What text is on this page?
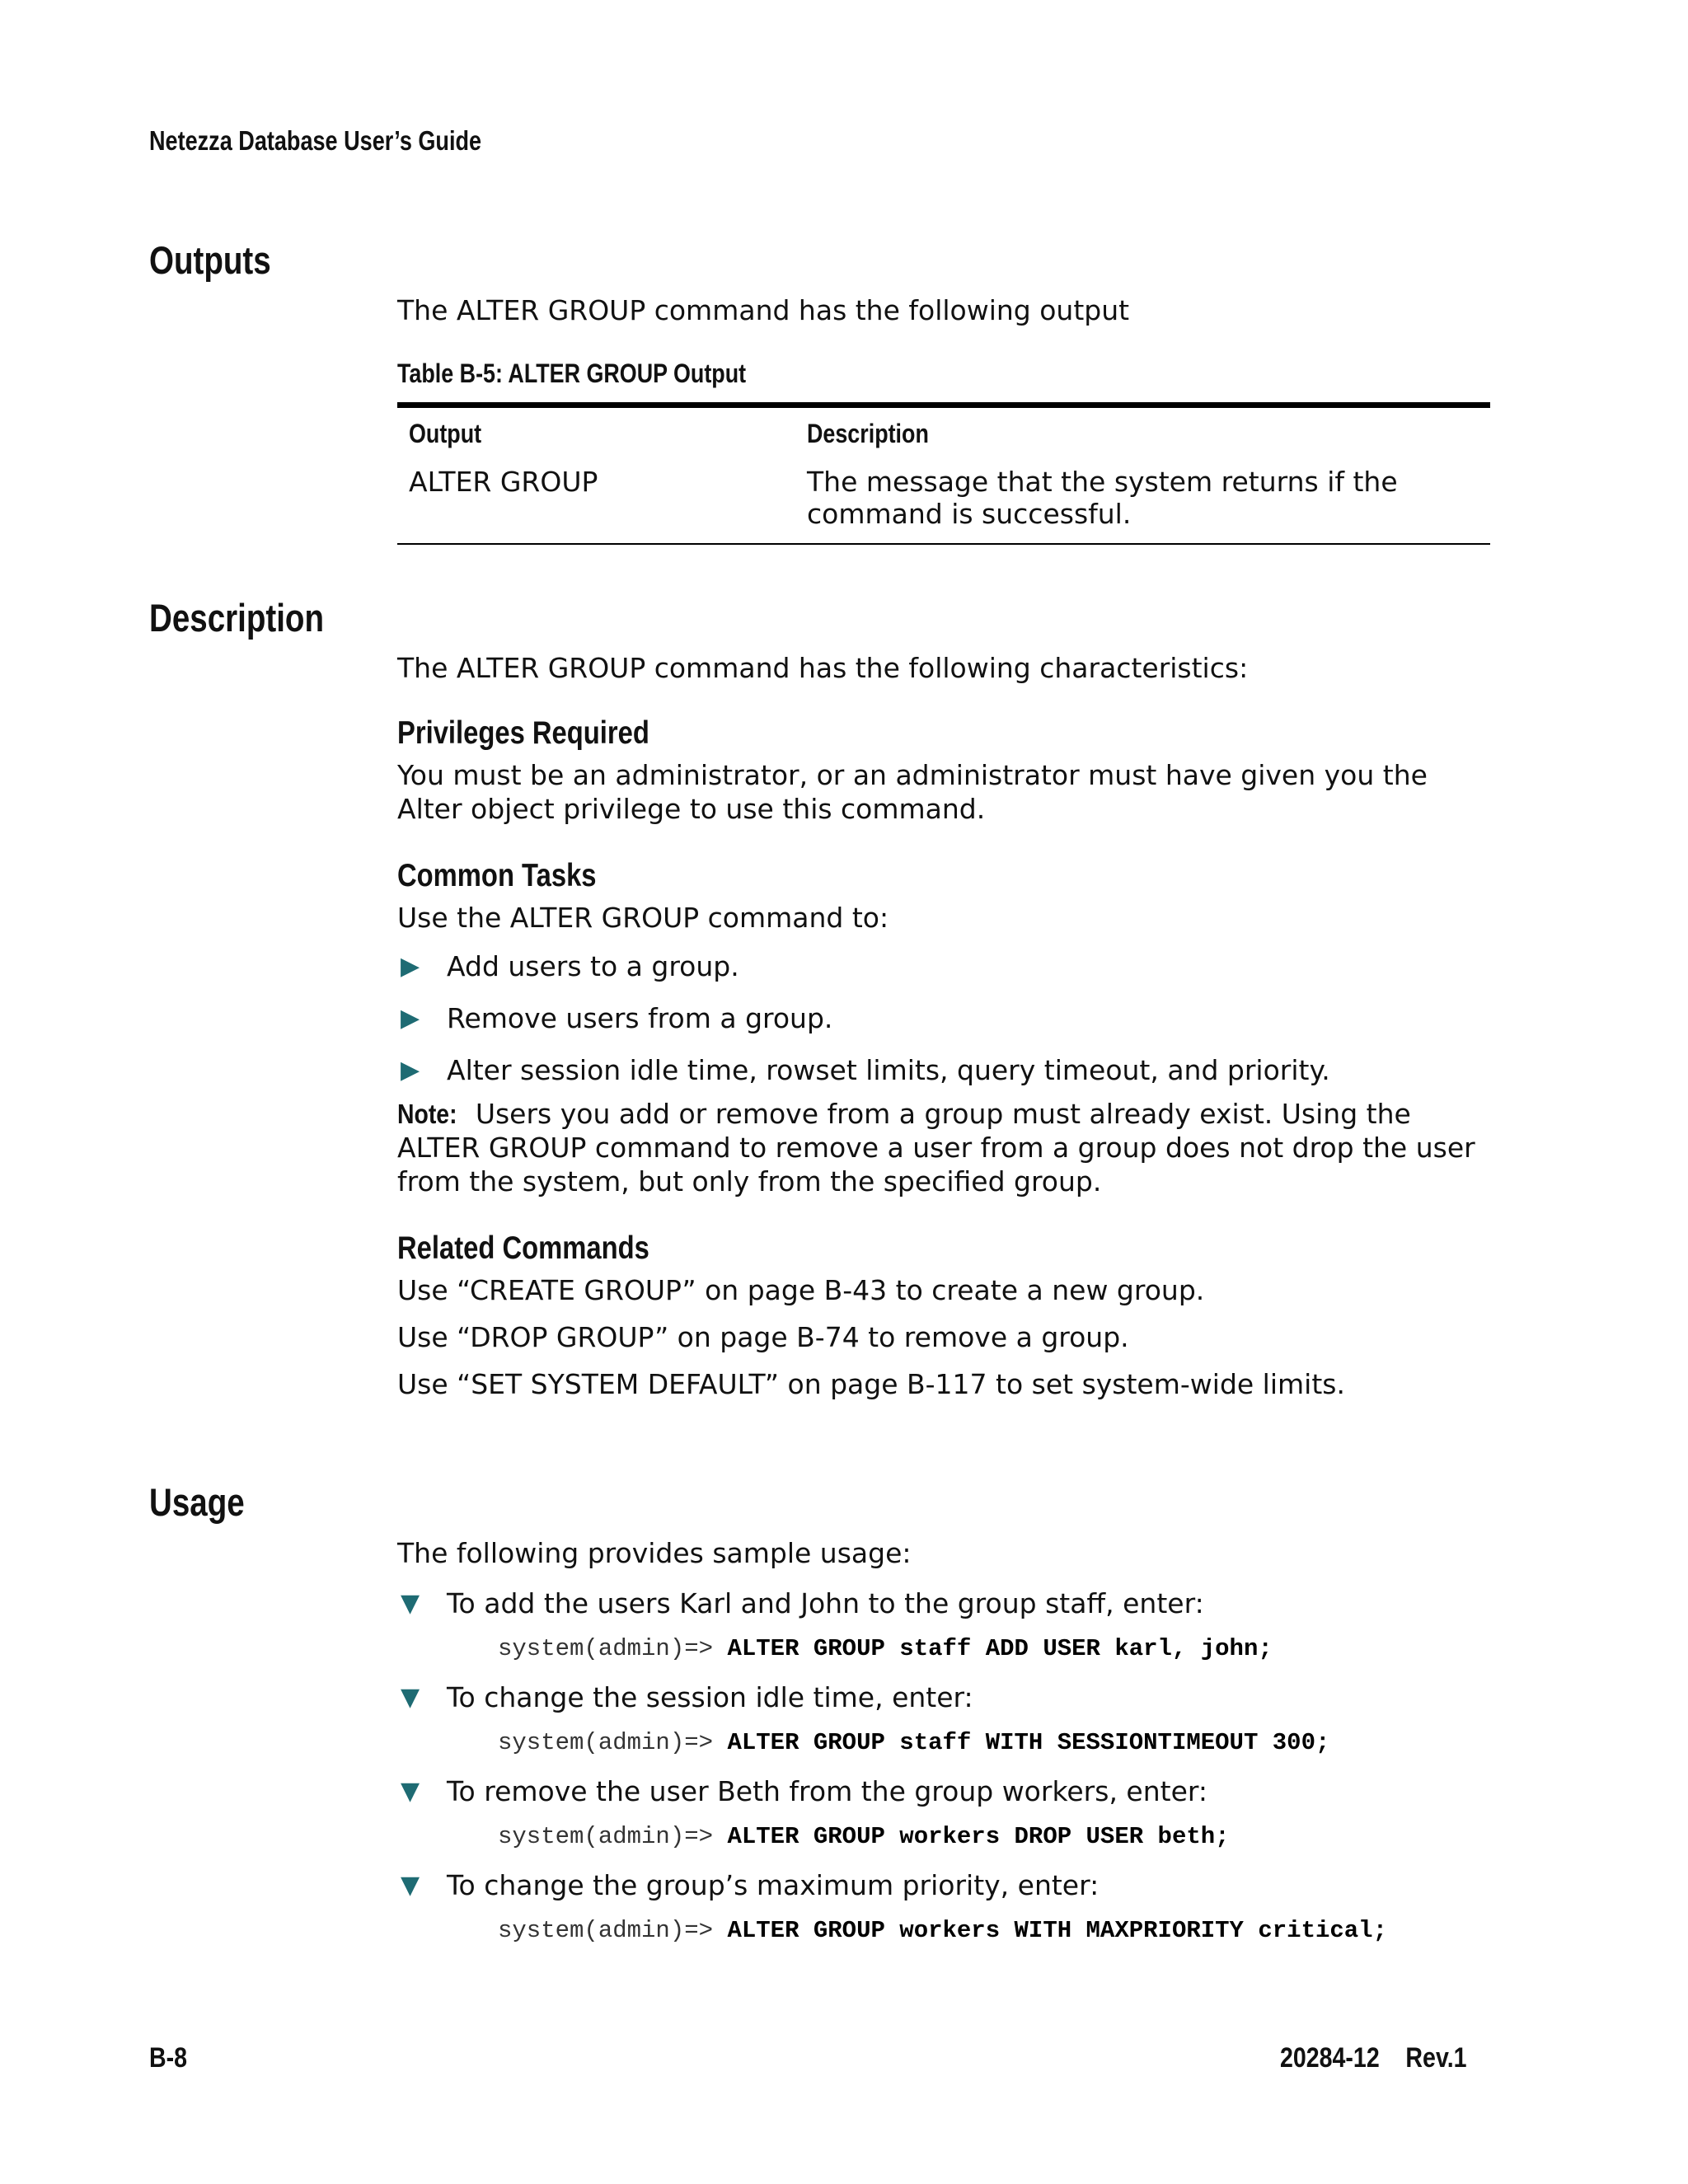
Netezza Database User’s Guide
Outputs

The ALTER GROUP command has the following output

Table B-5: ALTER GROUP Output
Output	Description
ALTER GROUP	The message that the system returns if the command is successful.
Description

The ALTER GROUP command has the following characteristics:

Privileges Required

You must be an administrator, or an administrator must have given you the Alter object privilege to use this command.

Common Tasks

Use the ALTER GROUP command to:

▶ Add users to a group.
▶ Remove users from a group.
▶ Alter session idle time, rowset limits, query timeout, and priority.

Note: Users you add or remove from a group must already exist. Using the ALTER GROUP command to remove a user from a group does not drop the user from the system, but only from the specified group.

Related Commands

Use “CREATE GROUP” on page B-43 to create a new group.

Use “DROP GROUP” on page B-74 to remove a group.

Use “SET SYSTEM DEFAULT” on page B-117 to set system-wide limits.

Usage

The following provides sample usage:

▼ To add the users Karl and John to the group staff, enter:
system(admin)=> ALTER GROUP staff ADD USER karl, john;
▼ To change the session idle time, enter:
system(admin)=> ALTER GROUP staff WITH SESSIONTIMEOUT 300;
▼ To remove the user Beth from the group workers, enter:
system(admin)=> ALTER GROUP workers DROP USER beth;
▼ To change the group’s maximum priority, enter:
system(admin)=> ALTER GROUP workers WITH MAXPRIORITY critical;
B-8	20284-12    Rev.1
